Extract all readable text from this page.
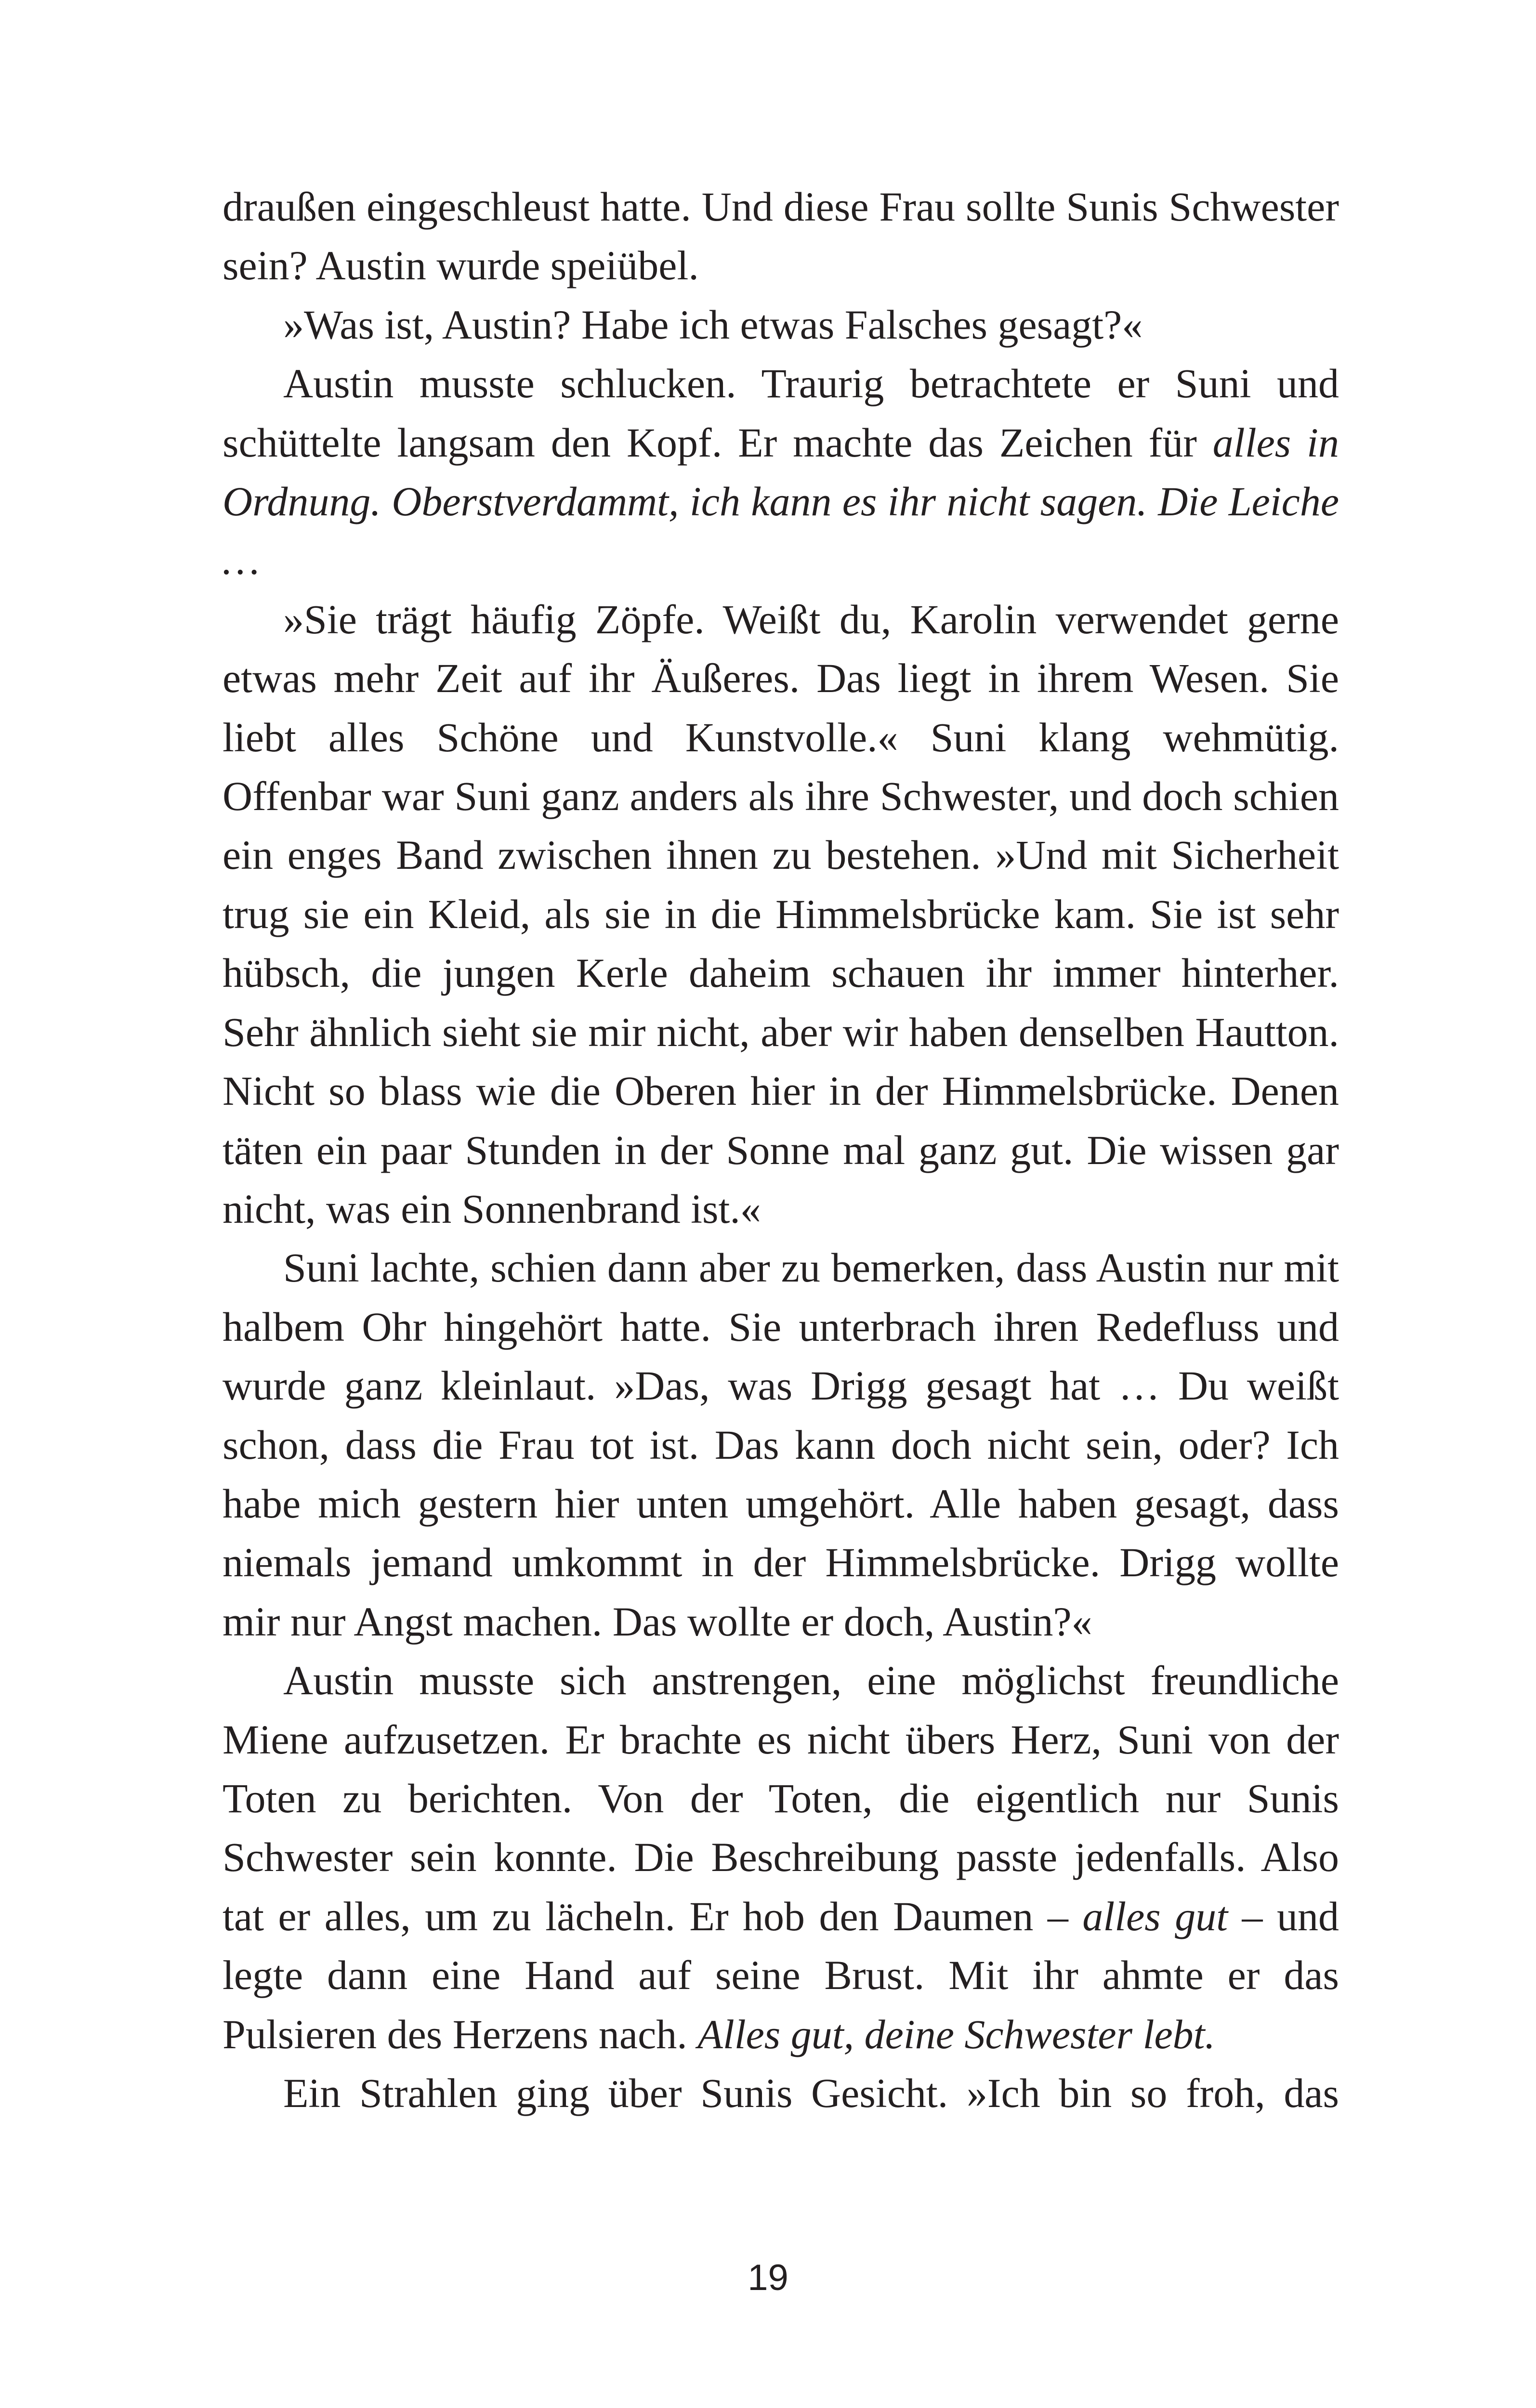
draußen eingeschleust hatte. Und diese Frau sollte Sunis Schwester sein? Austin wurde speiübel.

»Was ist, Austin? Habe ich etwas Falsches gesagt?«

Austin musste schlucken. Traurig betrachtete er Suni und schüttelte langsam den Kopf. Er machte das Zeichen für alles in Ordnung. Oberstverdammt, ich kann es ihr nicht sagen. Die Leiche …

»Sie trägt häufig Zöpfe. Weißt du, Karolin verwendet gerne etwas mehr Zeit auf ihr Äußeres. Das liegt in ihrem Wesen. Sie liebt alles Schöne und Kunstvolle.« Suni klang wehmütig. Offenbar war Suni ganz anders als ihre Schwester, und doch schien ein enges Band zwischen ihnen zu bestehen. »Und mit Sicherheit trug sie ein Kleid, als sie in die Himmelsbrücke kam. Sie ist sehr hübsch, die jungen Kerle daheim schauen ihr immer hinterher. Sehr ähnlich sieht sie mir nicht, aber wir haben denselben Hautton. Nicht so blass wie die Oberen hier in der Himmelsbrücke. Denen täten ein paar Stunden in der Sonne mal ganz gut. Die wissen gar nicht, was ein Sonnenbrand ist.«

Suni lachte, schien dann aber zu bemerken, dass Austin nur mit halbem Ohr hingehört hatte. Sie unterbrach ihren Redefluss und wurde ganz kleinlaut. »Das, was Drigg gesagt hat … Du weißt schon, dass die Frau tot ist. Das kann doch nicht sein, oder? Ich habe mich gestern hier unten umgehört. Alle haben gesagt, dass niemals jemand umkommt in der Himmelsbrücke. Drigg wollte mir nur Angst machen. Das wollte er doch, Austin?«

Austin musste sich anstrengen, eine möglichst freundliche Miene aufzusetzen. Er brachte es nicht übers Herz, Suni von der Toten zu berichten. Von der Toten, die eigentlich nur Sunis Schwester sein konnte. Die Beschreibung passte jedenfalls. Also tat er alles, um zu lächeln. Er hob den Daumen – alles gut – und legte dann eine Hand auf seine Brust. Mit ihr ahmte er das Pulsieren des Herzens nach. Alles gut, deine Schwester lebt.

Ein Strahlen ging über Sunis Gesicht. »Ich bin so froh, das

19
